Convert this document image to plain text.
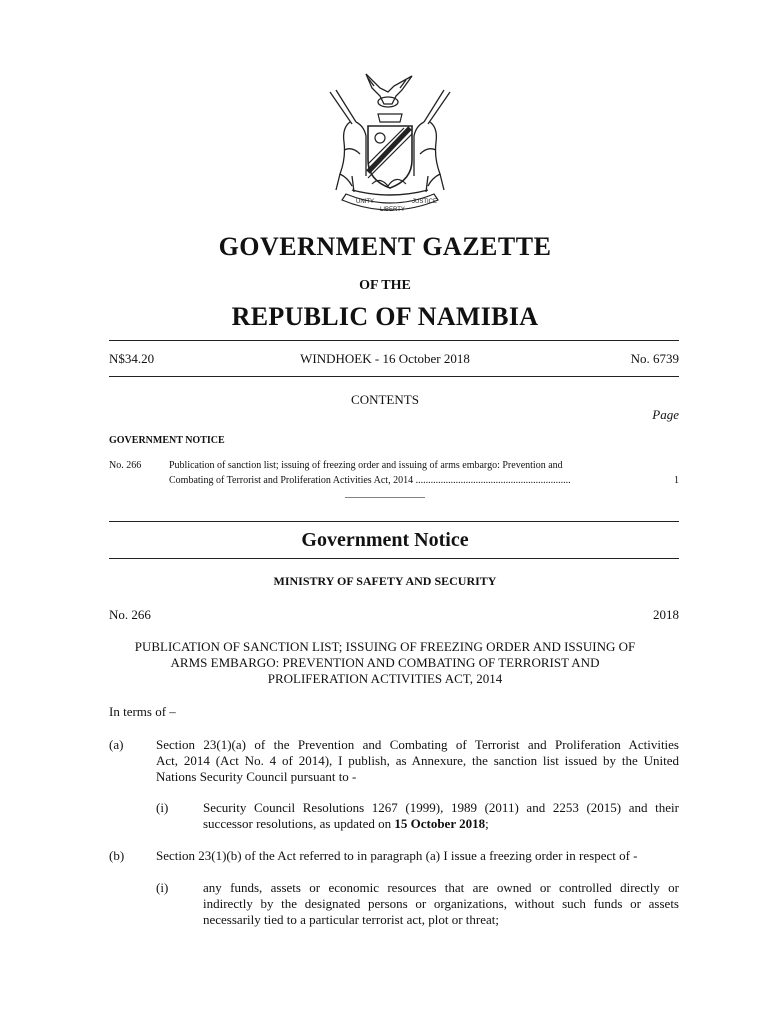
UNITY
LIBERTY
JUSTICE
GOVERNMENT GAZETTE
OF THE
REPUBLIC OF NAMIBIA
N$34.20	WINDHOEK - 16 October 2018	No. 6739
CONTENTS
Page
GOVERNMENT NOTICE
No. 266	Publication of sanction list; issuing of freezing order and issuing of arms embargo: Prevention and
Combating of Terrorist and Proliferation Activities Act, 2014 ..............................................................	1
________________
Government Notice
MINISTRY OF SAFETY AND SECURITY
No. 266	2018
PUBLICATION OF SANCTION LIST; ISSUING OF FREEZING ORDER AND ISSUING OF
ARMS EMBARGO: PREVENTION AND COMBATING OF TERRORIST AND
PROLIFERATION ACTIVITIES ACT, 2014
In terms of –
(a)	Section 23(1)(a) of the Prevention and Combating of Terrorist and Proliferation Activities
Act, 2014 (Act No. 4 of 2014), I publish, as Annexure, the sanction list issued by the United
Nations Security Council pursuant to -
(i)	Security Council Resolutions 1267 (1999), 1989 (2011) and 2253 (2015) and their
successor resolutions, as updated on 15 October 2018;
(b) Section 23(1)(b) of the Act referred to in paragraph (a) I issue a freezing order in respect of -
(i)	any funds, assets or economic resources that are owned or controlled directly or
indirectly by the designated persons or organizations, without such funds or assets
necessarily tied to a particular terrorist act, plot or threat;
